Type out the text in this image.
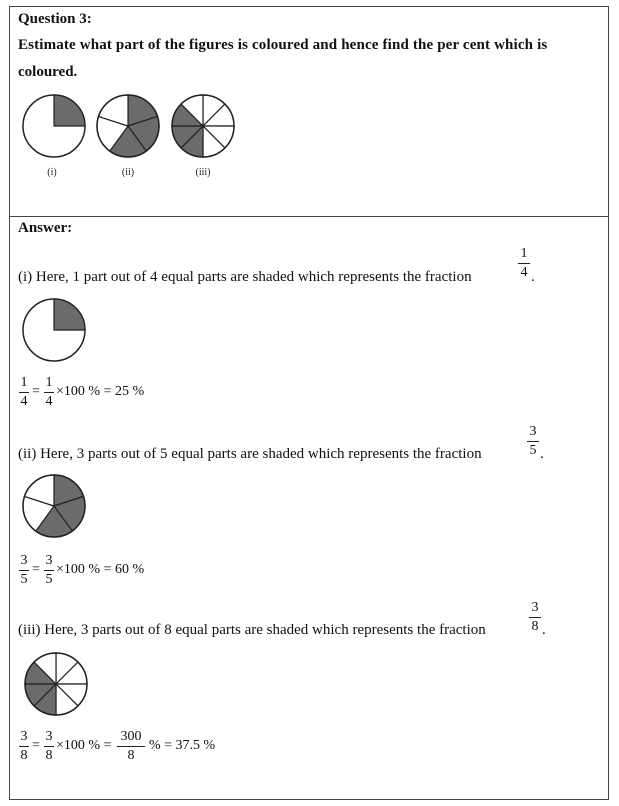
Question 3:
Estimate what part of the figures is coloured and hence find the per cent which is
coloured.
(i)	(ii)	(iii)
Answer:
(i) Here, 1 part out of 4 equal parts are shaded which represents the fraction
1
4 .
1
4
=
1
4
×100 % = 25 %
(ii) Here, 3 parts out of 5 equal parts are shaded which represents the fraction
3
5 .
3
5
=
3
5
×100 % = 60 %
(iii) Here, 3 parts out of 8 equal parts are shaded which represents the fraction
3
8 .
3
8
=
3
8
×100 % =
300
8
% = 37.5 %
